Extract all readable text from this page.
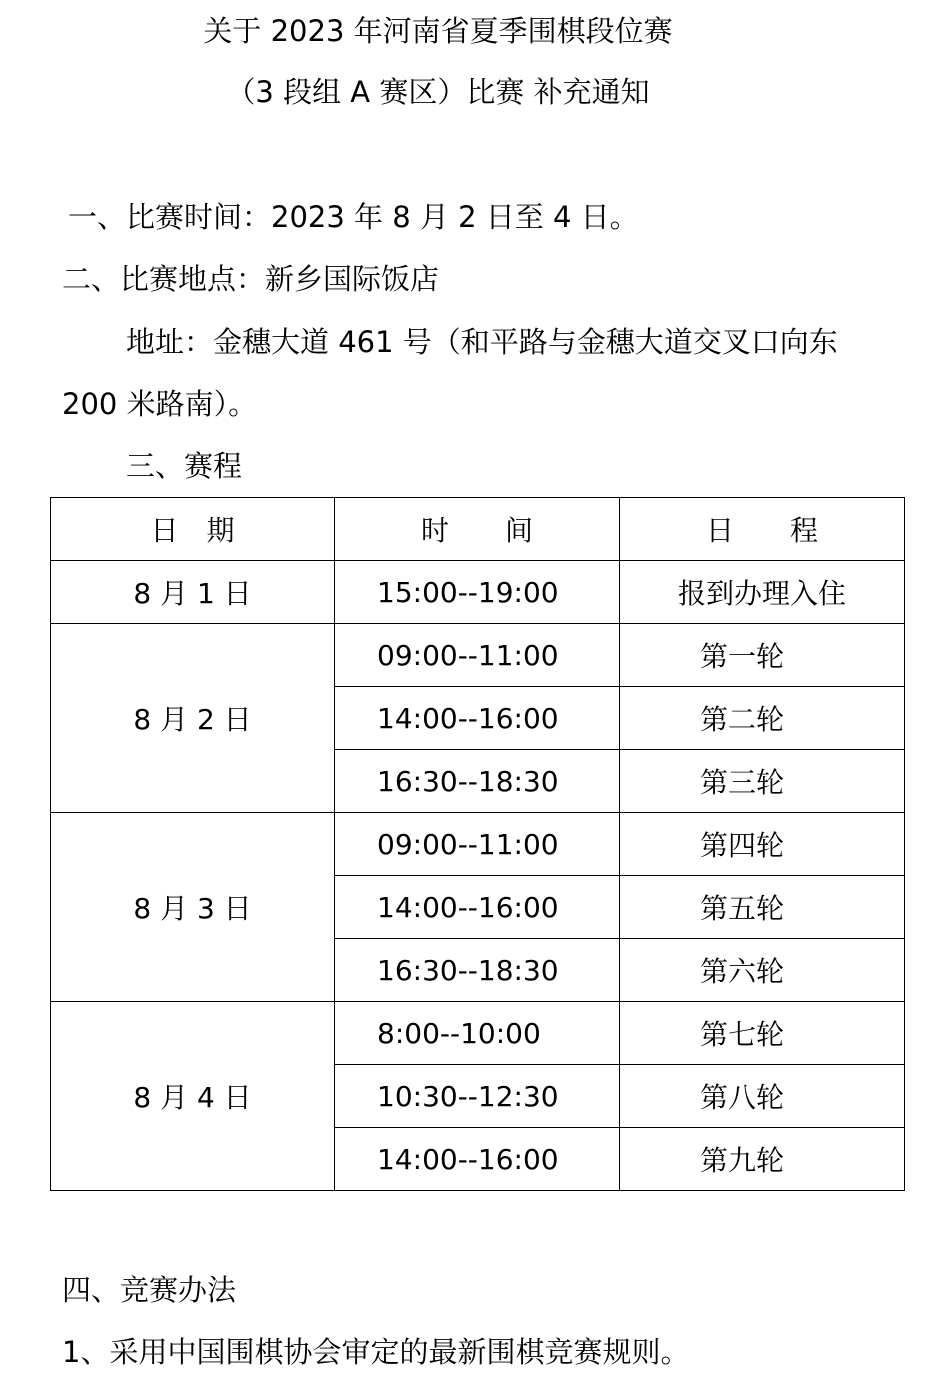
关于 2023 年河南省夏季围棋段位赛
（3 段组 A 赛区）比赛 补充通知
一、比赛时间：2023 年 8 月 2 日至 4 日。
二、比赛地点：新乡国际饭店
地址：金穗大道 461 号（和平路与金穗大道交叉口向东
200 米路南）。
三、赛程
日　期	时　　间	日　　程
8 月 1 日	15:00--19:00	报到办理入住
8 月 2 日	09:00--11:00	第一轮
	14:00--16:00	第二轮
	16:30--18:30	第三轮
8 月 3 日	09:00--11:00	第四轮
	14:00--16:00	第五轮
	16:30--18:30	第六轮
8 月 4 日	8:00--10:00	第七轮
	10:30--12:30	第八轮
	14:00--16:00	第九轮
四、竞赛办法
1、采用中国围棋协会审定的最新围棋竞赛规则。
